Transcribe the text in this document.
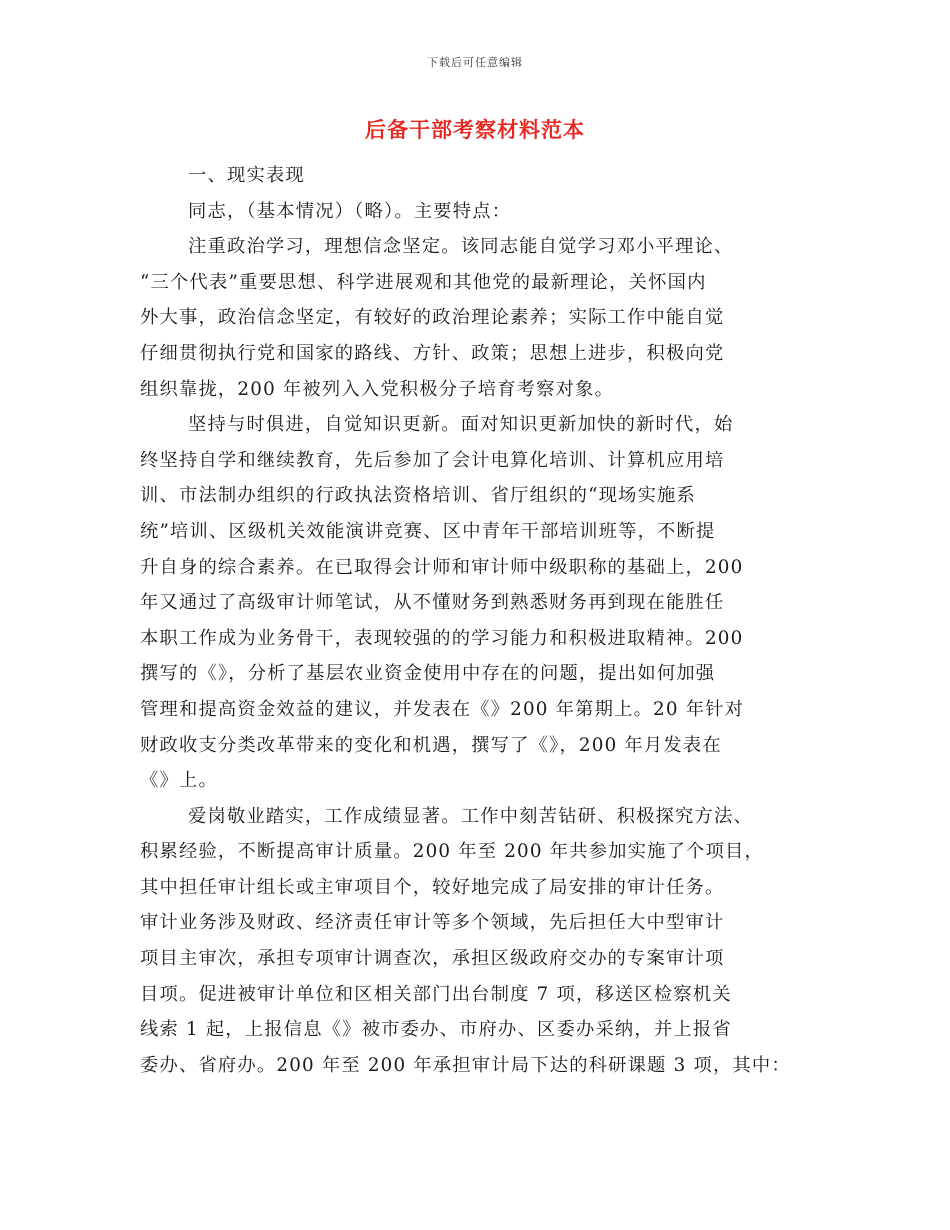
下载后可任意编辑
后备干部考察材料范本
一、现实表现
同志，（基本情况）（略）。主要特点：
注重政治学习，理想信念坚定。该同志能自觉学习邓小平理论、
“三个代表”重要思想、科学进展观和其他党的最新理论，关怀国内
外大事，政治信念坚定，有较好的政治理论素养；实际工作中能自觉
仔细贯彻执行党和国家的路线、方针、政策；思想上进步，积极向党
组织靠拢，200 年被列入入党积极分子培育考察对象。
坚持与时俱进，自觉知识更新。面对知识更新加快的新时代，始
终坚持自学和继续教育，先后参加了会计电算化培训、计算机应用培
训、市法制办组织的行政执法资格培训、省厅组织的“现场实施系
统”培训、区级机关效能演讲竞赛、区中青年干部培训班等，不断提
升自身的综合素养。在已取得会计师和审计师中级职称的基础上，200
年又通过了高级审计师笔试，从不懂财务到熟悉财务再到现在能胜任
本职工作成为业务骨干，表现较强的的学习能力和积极进取精神。200
撰写的《》，分析了基层农业资金使用中存在的问题，提出如何加强
管理和提高资金效益的建议，并发表在《》200 年第期上。20 年针对
财政收支分类改革带来的变化和机遇，撰写了《》，200 年月发表在
《》上。
爱岗敬业踏实，工作成绩显著。工作中刻苦钻研、积极探究方法、
积累经验，不断提高审计质量。200 年至 200 年共参加实施了个项目，
其中担任审计组长或主审项目个，较好地完成了局安排的审计任务。
审计业务涉及财政、经济责任审计等多个领域，先后担任大中型审计
项目主审次，承担专项审计调查次，承担区级政府交办的专案审计项
目项。促进被审计单位和区相关部门出台制度 7 项，移送区检察机关
线索 1 起，上报信息《》被市委办、市府办、区委办采纳，并上报省
委办、省府办。200 年至 200 年承担审计局下达的科研课题 3 项，其中：
